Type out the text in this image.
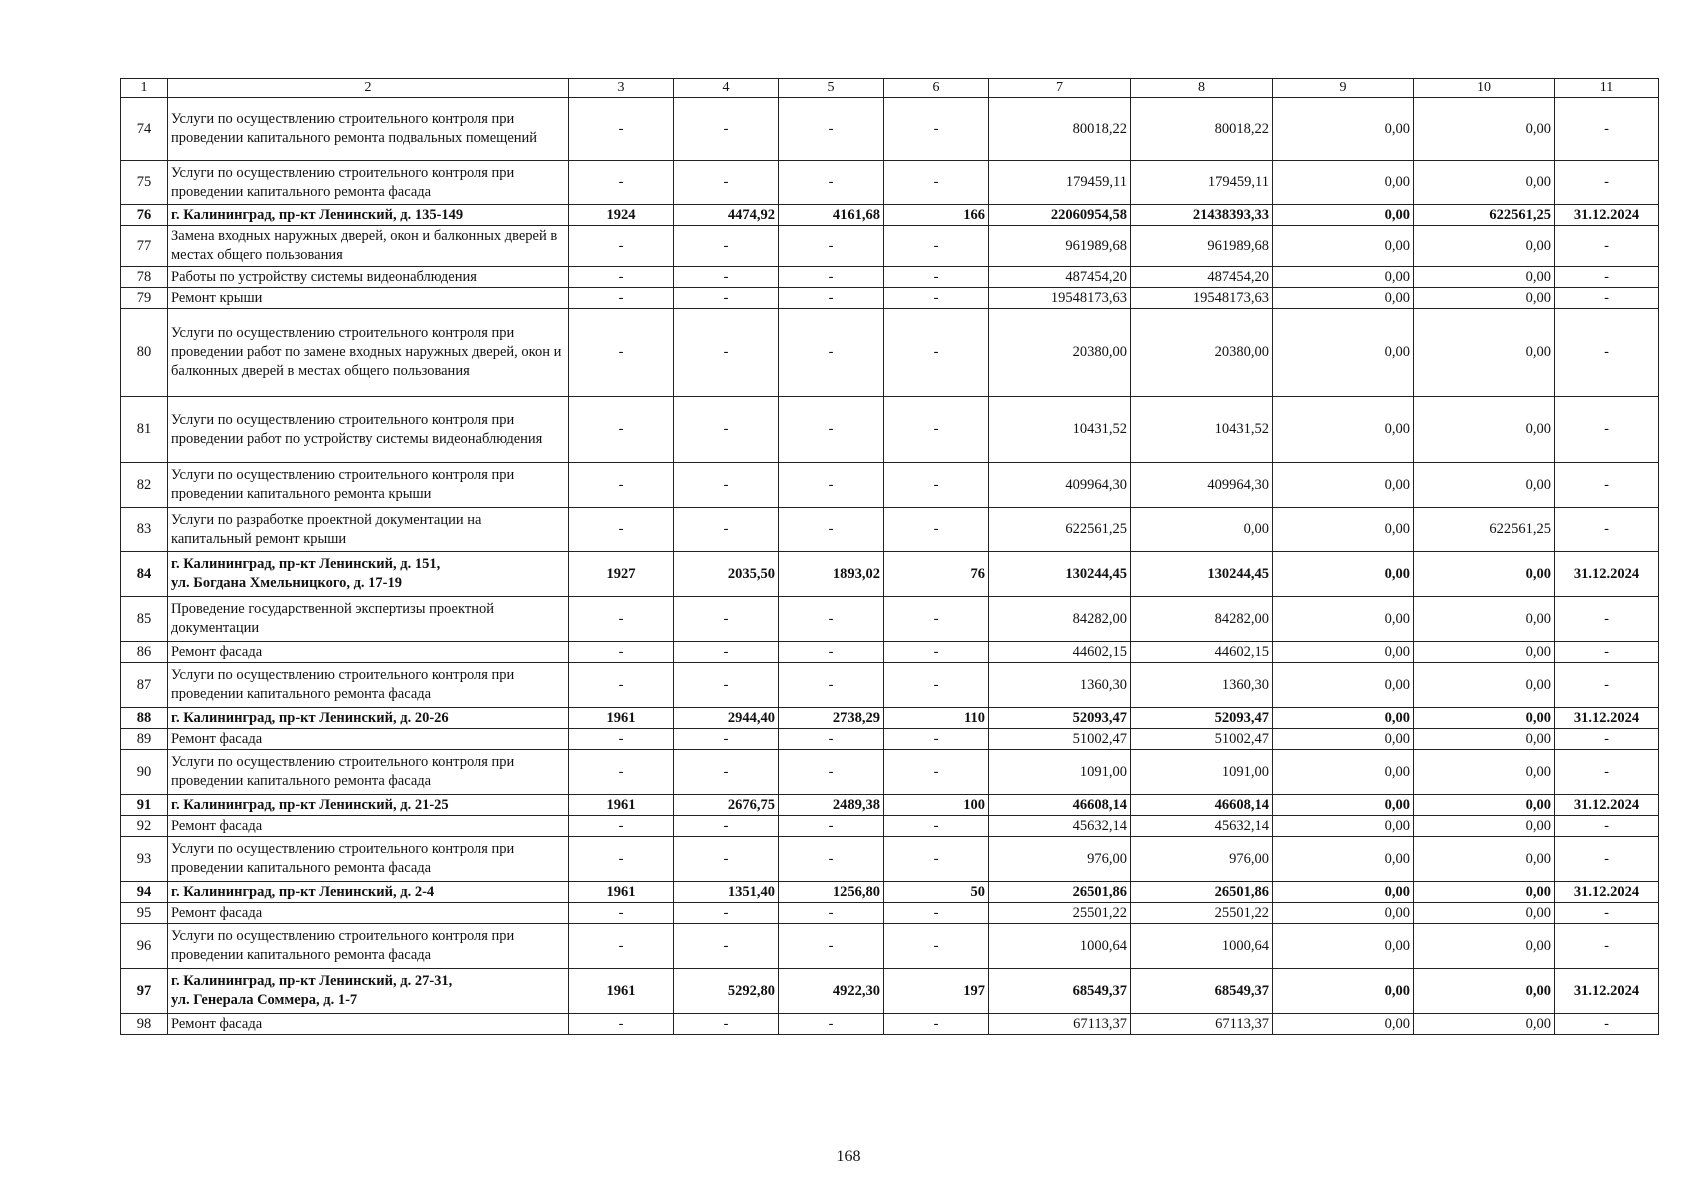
1	2	3	4	5	6	7	8	9	10	11
74	Услуги по осуществлению строительного контроля при проведении капитального ремонта подвальных помещений	-	-	-	-	80018,22	80018,22	0,00	0,00	-
75	Услуги по осуществлению строительного контроля при проведении капитального ремонта фасада	-	-	-	-	179459,11	179459,11	0,00	0,00	-
76	г. Калининград, пр-кт Ленинский, д. 135-149	1924	4474,92	4161,68	166	22060954,58	21438393,33	0,00	622561,25	31.12.2024
77	Замена входных наружных дверей, окон и балконных дверей в местах общего пользования	-	-	-	-	961989,68	961989,68	0,00	0,00	-
78	Работы по устройству системы видеонаблюдения	-	-	-	-	487454,20	487454,20	0,00	0,00	-
79	Ремонт крыши	-	-	-	-	19548173,63	19548173,63	0,00	0,00	-
80	Услуги по осуществлению строительного контроля при проведении работ по замене входных наружных дверей, окон и балконных дверей в местах общего пользования	-	-	-	-	20380,00	20380,00	0,00	0,00	-
81	Услуги по осуществлению строительного контроля при проведении работ по устройству системы видеонаблюдения	-	-	-	-	10431,52	10431,52	0,00	0,00	-
82	Услуги по осуществлению строительного контроля при проведении капитального ремонта крыши	-	-	-	-	409964,30	409964,30	0,00	0,00	-
83	Услуги по разработке проектной документации на капитальный ремонт крыши	-	-	-	-	622561,25	0,00	0,00	622561,25	-
84	г. Калининград, пр-кт Ленинский, д. 151,
ул. Богдана Хмельницкого, д. 17-19	1927	2035,50	1893,02	76	130244,45	130244,45	0,00	0,00	31.12.2024
85	Проведение государственной экспертизы проектной документации	-	-	-	-	84282,00	84282,00	0,00	0,00	-
86	Ремонт фасада	-	-	-	-	44602,15	44602,15	0,00	0,00	-
87	Услуги по осуществлению строительного контроля при проведении капитального ремонта фасада	-	-	-	-	1360,30	1360,30	0,00	0,00	-
88	г. Калининград, пр-кт Ленинский, д. 20-26	1961	2944,40	2738,29	110	52093,47	52093,47	0,00	0,00	31.12.2024
89	Ремонт фасада	-	-	-	-	51002,47	51002,47	0,00	0,00	-
90	Услуги по осуществлению строительного контроля при проведении капитального ремонта фасада	-	-	-	-	1091,00	1091,00	0,00	0,00	-
91	г. Калининград, пр-кт Ленинский, д. 21-25	1961	2676,75	2489,38	100	46608,14	46608,14	0,00	0,00	31.12.2024
92	Ремонт фасада	-	-	-	-	45632,14	45632,14	0,00	0,00	-
93	Услуги по осуществлению строительного контроля при проведении капитального ремонта фасада	-	-	-	-	976,00	976,00	0,00	0,00	-
94	г. Калининград, пр-кт Ленинский, д. 2-4	1961	1351,40	1256,80	50	26501,86	26501,86	0,00	0,00	31.12.2024
95	Ремонт фасада	-	-	-	-	25501,22	25501,22	0,00	0,00	-
96	Услуги по осуществлению строительного контроля при проведении капитального ремонта фасада	-	-	-	-	1000,64	1000,64	0,00	0,00	-
97	г. Калининград, пр-кт Ленинский, д. 27-31,
ул. Генерала Соммера, д. 1-7	1961	5292,80	4922,30	197	68549,37	68549,37	0,00	0,00	31.12.2024
98	Ремонт фасада	-	-	-	-	67113,37	67113,37	0,00	0,00	-
168
